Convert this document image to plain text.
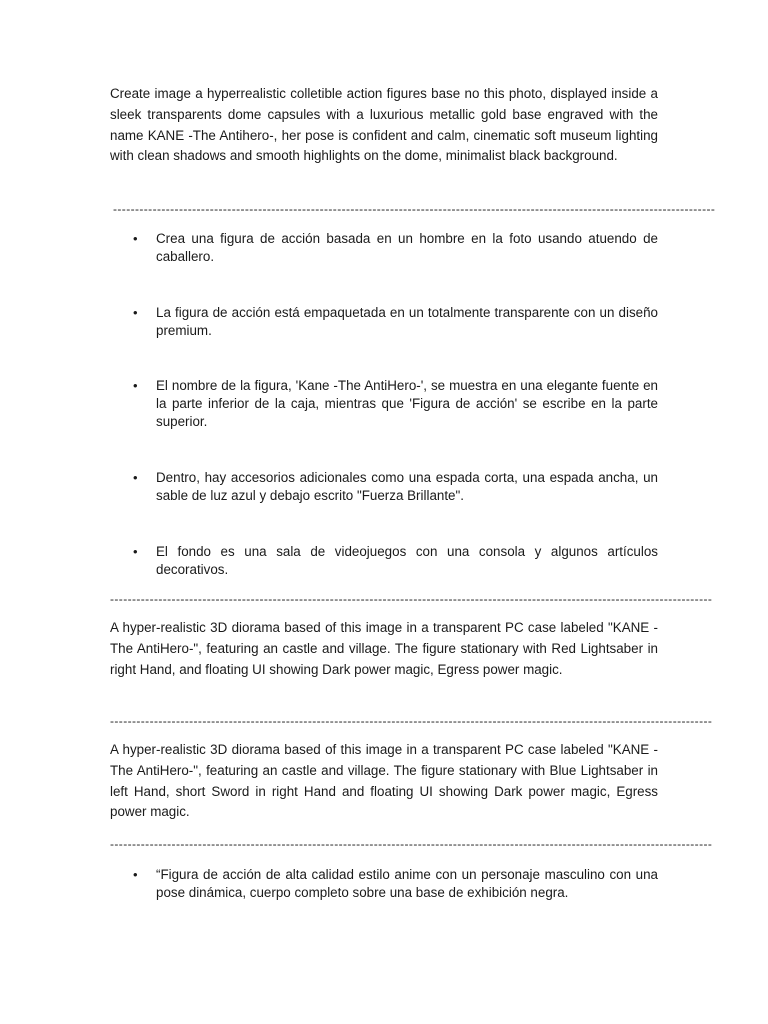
Create image a hyperrealistic colletible action figures base no this photo, displayed inside a sleek transparents dome capsules with a luxurious metallic gold base engraved with the name KANE -The Antihero-, her pose is confident and calm, cinematic soft museum lighting with clean shadows and smooth highlights on the dome, minimalist black background.

-----------------------------------------------------------------------------------------------------------------------------------------
• Crea una figura de acción basada en un hombre en la foto usando atuendo de caballero.
• La figura de acción está empaquetada en un totalmente transparente con un diseño premium.
• El nombre de la figura, 'Kane -The AntiHero-', se muestra en una elegante fuente en la parte inferior de la caja, mientras que 'Figura de acción' se escribe en la parte superior.
• Dentro, hay accesorios adicionales como una espada corta, una espada ancha, un sable de luz azul y debajo escrito "Fuerza Brillante".
• El fondo es una sala de videojuegos con una consola y algunos artículos decorativos.
-----------------------------------------------------------------------------------------------------------------------------------------

A hyper-realistic 3D diorama based of this image in a transparent PC case labeled "KANE -The AntiHero-", featuring an castle and village. The figure stationary with Red Lightsaber in right Hand, and floating UI showing Dark power magic, Egress power magic.

-----------------------------------------------------------------------------------------------------------------------------------------

A hyper-realistic 3D diorama based of this image in a transparent PC case labeled "KANE -The AntiHero-", featuring an castle and village. The figure stationary with Blue Lightsaber in left Hand, short Sword in right Hand and floating UI showing Dark power magic, Egress power magic.

-----------------------------------------------------------------------------------------------------------------------------------------
• “Figura de acción de alta calidad estilo anime con un personaje masculino con una pose dinámica, cuerpo completo sobre una base de exhibición negra.
